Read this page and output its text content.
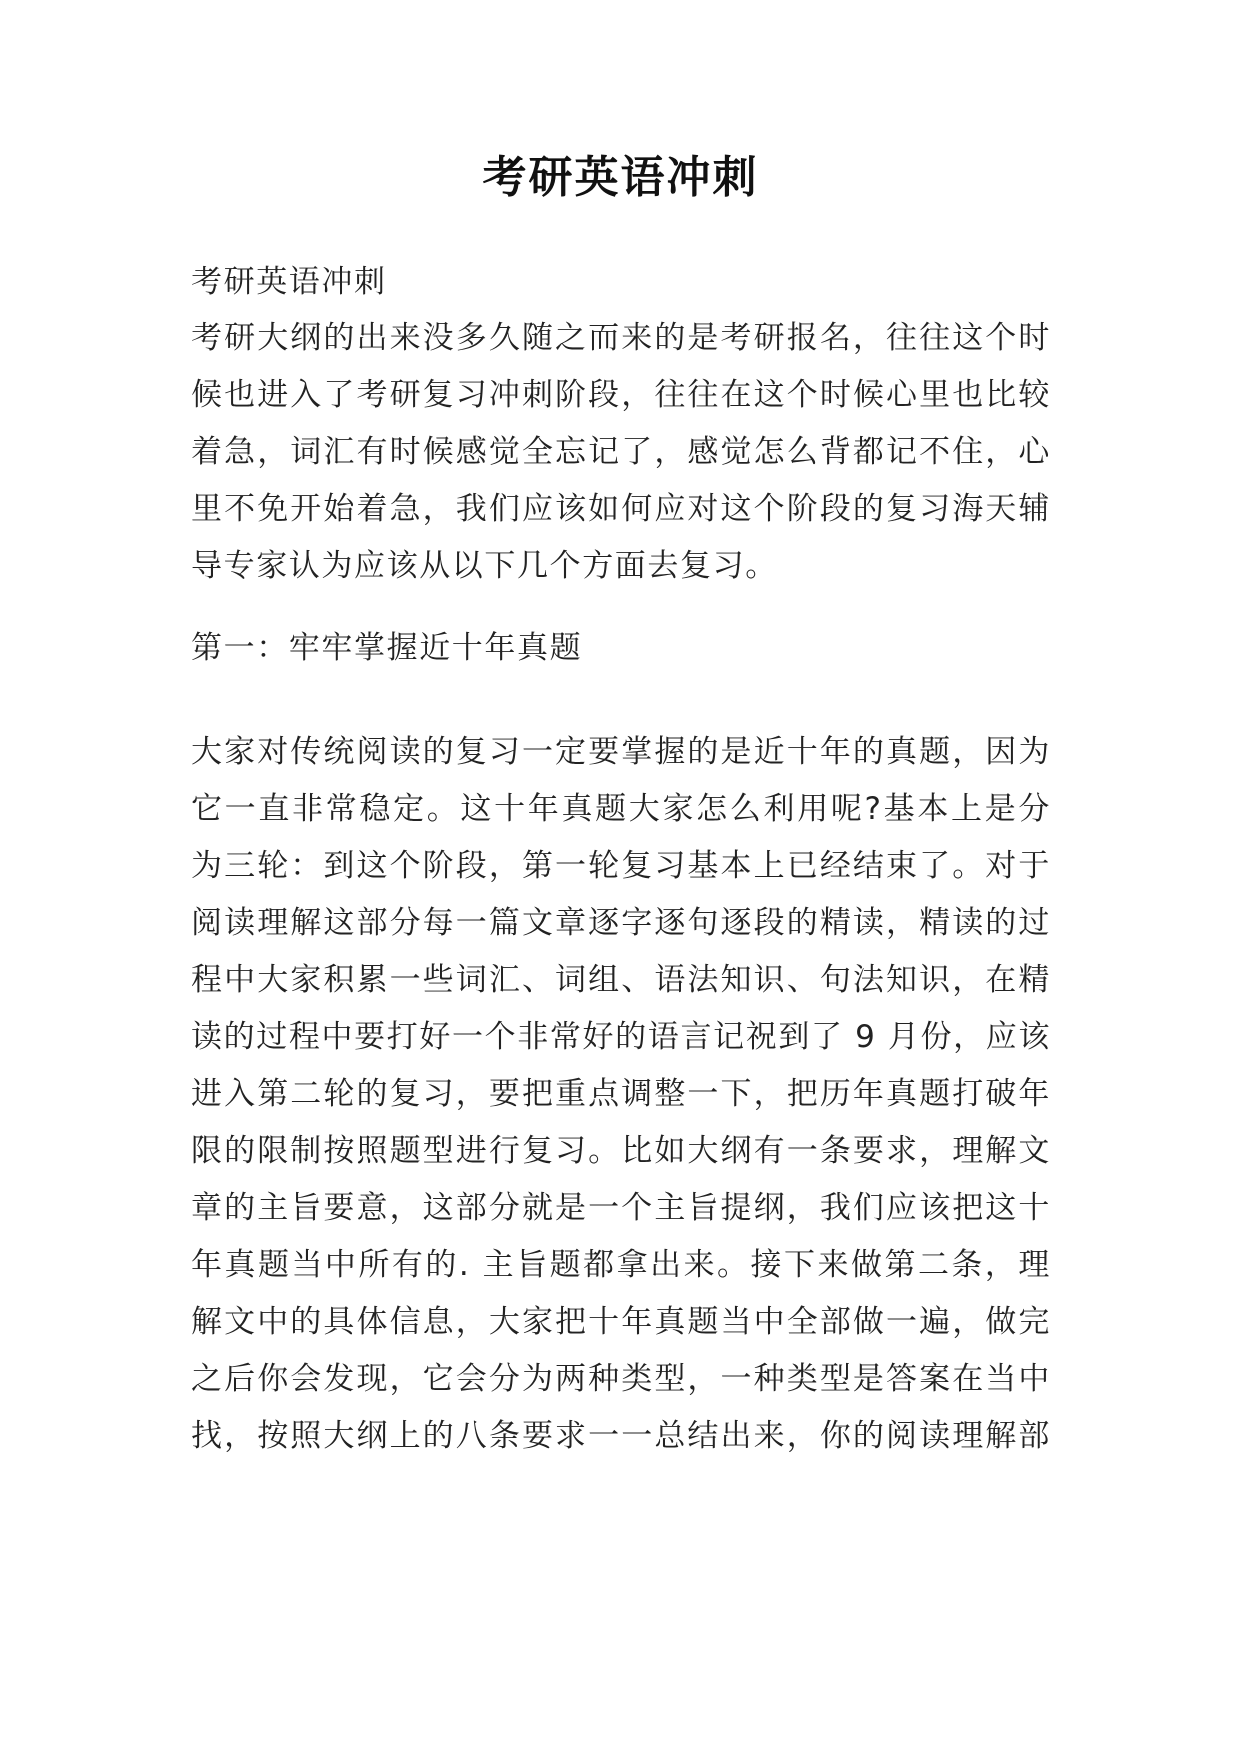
考研英语冲刺
考研英语冲刺
考研大纲的出来没多久随之而来的是考研报名，往往这个时
候也进入了考研复习冲刺阶段，往往在这个时候心里也比较
着急，词汇有时候感觉全忘记了，感觉怎么背都记不住，心
里不免开始着急，我们应该如何应对这个阶段的复习海天辅
导专家认为应该从以下几个方面去复习。
第一：牢牢掌握近十年真题
大家对传统阅读的复习一定要掌握的是近十年的真题，因为
它一直非常稳定。这十年真题大家怎么利用呢?基本上是分
为三轮：到这个阶段，第一轮复习基本上已经结束了。对于
阅读理解这部分每一篇文章逐字逐句逐段的精读，精读的过
程中大家积累一些词汇、词组、语法知识、句法知识，在精
读的过程中要打好一个非常好的语言记祝到了 9 月份，应该
进入第二轮的复习，要把重点调整一下，把历年真题打破年
限的限制按照题型进行复习。比如大纲有一条要求，理解文
章的主旨要意，这部分就是一个主旨提纲，我们应该把这十
年真题当中所有的. 主旨题都拿出来。接下来做第二条，理
解文中的具体信息，大家把十年真题当中全部做一遍，做完
之后你会发现，它会分为两种类型，一种类型是答案在当中
找，按照大纲上的八条要求一一总结出来，你的阅读理解部
